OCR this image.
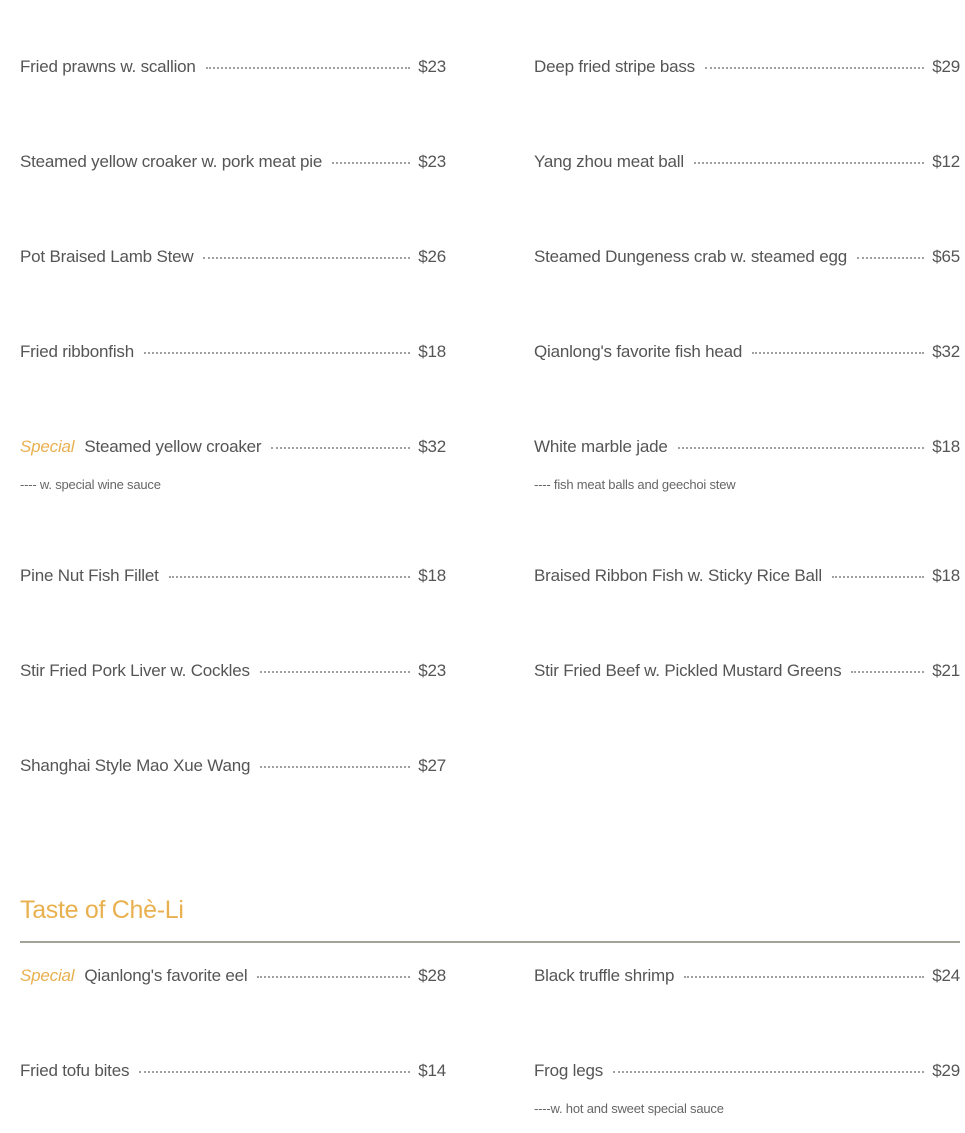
Fried prawns w. scallion	$23
Steamed yellow croaker w. pork meat pie	$23
Pot Braised Lamb Stew	$26
Fried ribbonfish	$18
Special Steamed yellow croaker	$32
---- w. special wine sauce
Pine Nut Fish Fillet	$18
Stir Fried Pork Liver w. Cockles	$23
Shanghai Style Mao Xue Wang	$27
Deep fried stripe bass	$29
Yang zhou meat ball	$12
Steamed Dungeness crab w. steamed egg	$65
Qianlong's favorite fish head	$32
White marble jade	$18
---- fish meat balls and geechoi stew
Braised Ribbon Fish w. Sticky Rice Ball	$18
Stir Fried Beef w. Pickled Mustard Greens	$21
Taste of Chè-Li
Special Qianlong's favorite eel	$28
Fried tofu bites	$14
Black truffle shrimp	$24
Frog legs	$29
----w. hot and sweet special sauce
